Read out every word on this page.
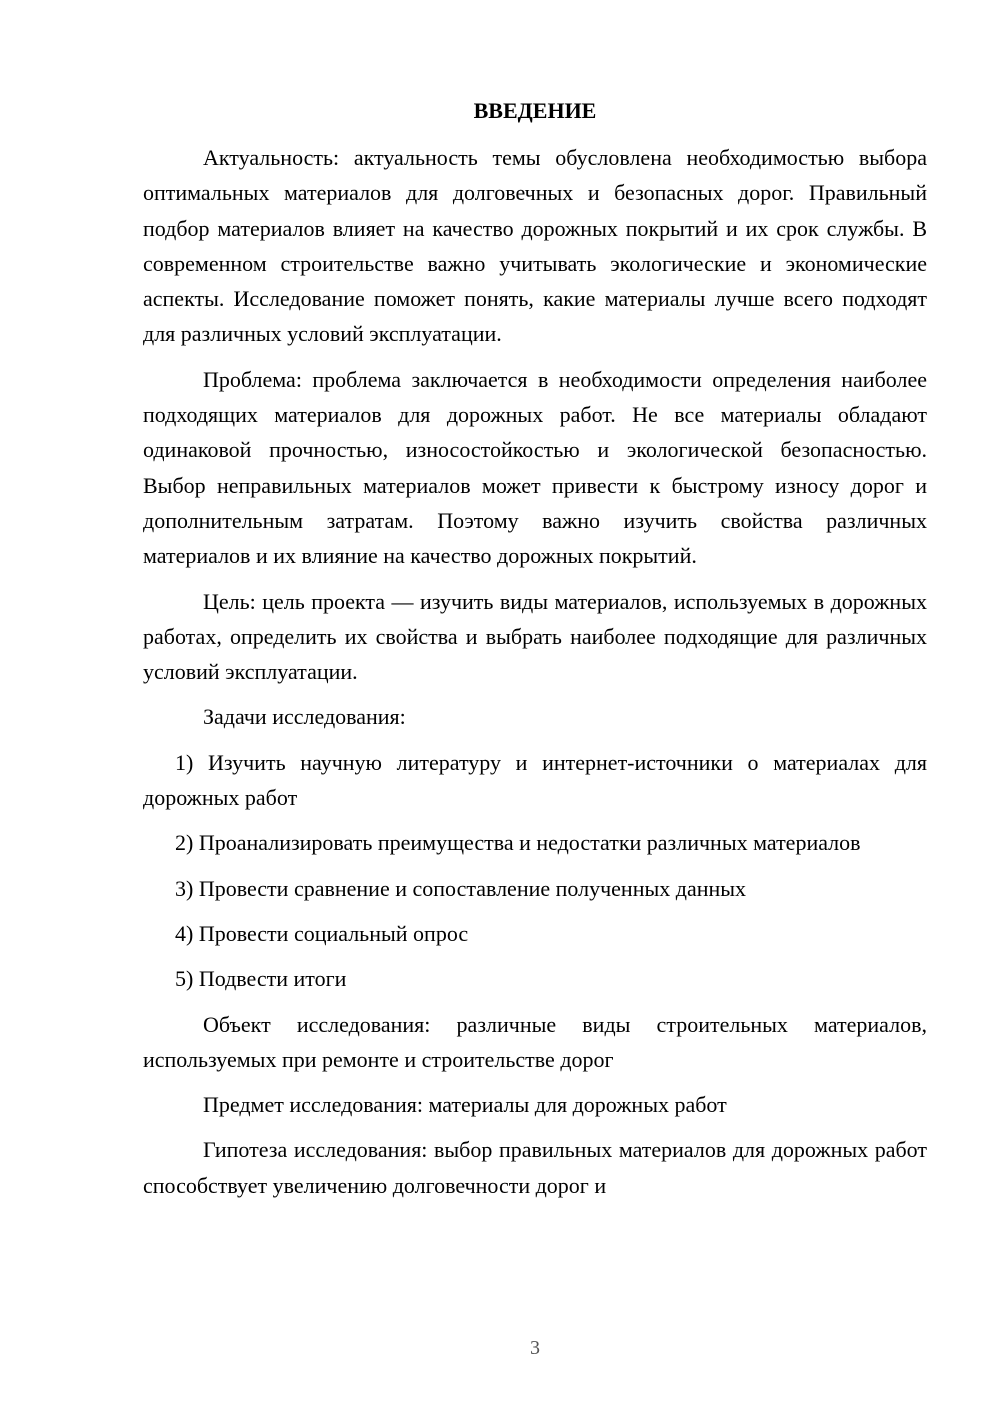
ВВЕДЕНИЕ

Актуальность: актуальность темы обусловлена необходимостью выбора оптимальных материалов для долговечных и безопасных дорог. Правильный подбор материалов влияет на качество дорожных покрытий и их срок службы. В современном строительстве важно учитывать экологические и экономические аспекты. Исследование поможет понять, какие материалы лучше всего подходят для различных условий эксплуатации.

Проблема: проблема заключается в необходимости определения наиболее подходящих материалов для дорожных работ. Не все материалы обладают одинаковой прочностью, износостойкостью и экологической безопасностью. Выбор неправильных материалов может привести к быстрому износу дорог и дополнительным затратам. Поэтому важно изучить свойства различных материалов и их влияние на качество дорожных покрытий.

Цель: цель проекта — изучить виды материалов, используемых в дорожных работах, определить их свойства и выбрать наиболее подходящие для различных условий эксплуатации.

Задачи исследования:

1) Изучить научную литературу и интернет-источники о материалах для дорожных работ

2) Проанализировать преимущества и недостатки различных материалов

3) Провести сравнение и сопоставление полученных данных

4) Провести социальный опрос

5) Подвести итоги

Объект исследования: различные виды строительных материалов, используемых при ремонте и строительстве дорог

Предмет исследования: материалы для дорожных работ

Гипотеза исследования: выбор правильных материалов для дорожных работ способствует увеличению долговечности дорог и

3
